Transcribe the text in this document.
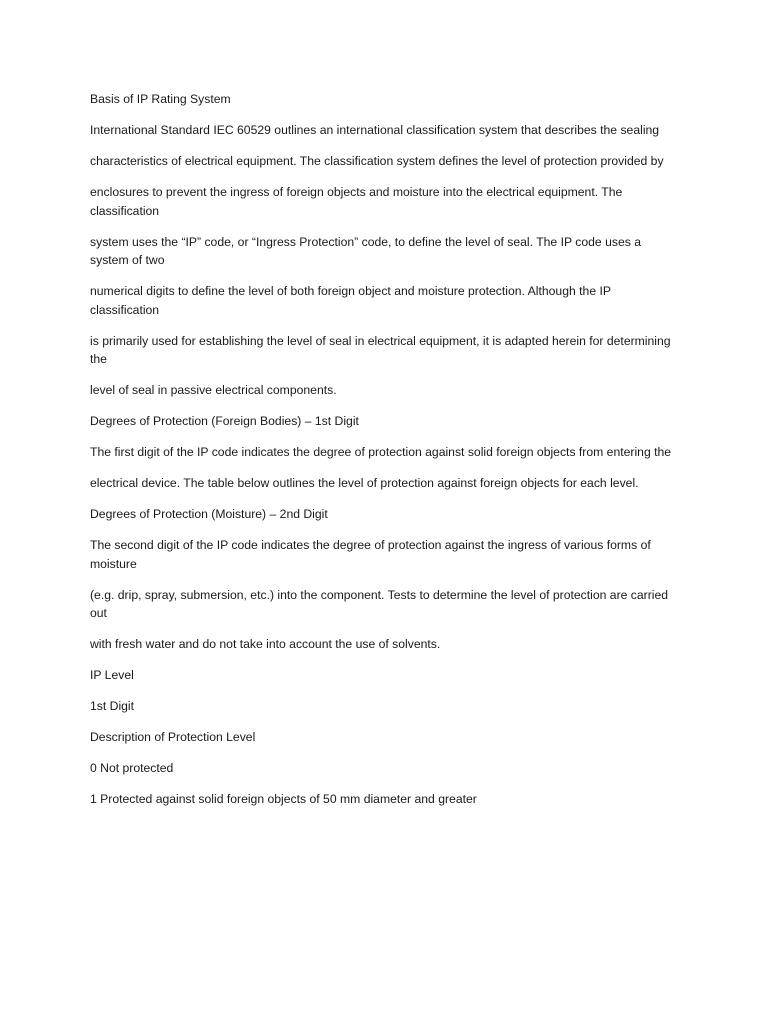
Basis of IP Rating System

International Standard IEC 60529 outlines an international classification system that describes the sealing

characteristics of electrical equipment. The classification system defines the level of protection provided by

enclosures to prevent the ingress of foreign objects and moisture into the electrical equipment. The classification

system uses the “IP” code, or “Ingress Protection” code, to define the level of seal. The IP code uses a system of two

numerical digits to define the level of both foreign object and moisture protection. Although the IP classification

is primarily used for establishing the level of seal in electrical equipment, it is adapted herein for determining the

level of seal in passive electrical components.

Degrees of Protection (Foreign Bodies) – 1st Digit

The first digit of the IP code indicates the degree of protection against solid foreign objects from entering the

electrical device. The table below outlines the level of protection against foreign objects for each level.

Degrees of Protection (Moisture) – 2nd Digit

The second digit of the IP code indicates the degree of protection against the ingress of various forms of moisture

(e.g. drip, spray, submersion, etc.) into the component. Tests to determine the level of protection are carried out

with fresh water and do not take into account the use of solvents.

IP Level

1st Digit

Description of Protection Level

0 Not protected

1 Protected against solid foreign objects of 50 mm diameter and greater
